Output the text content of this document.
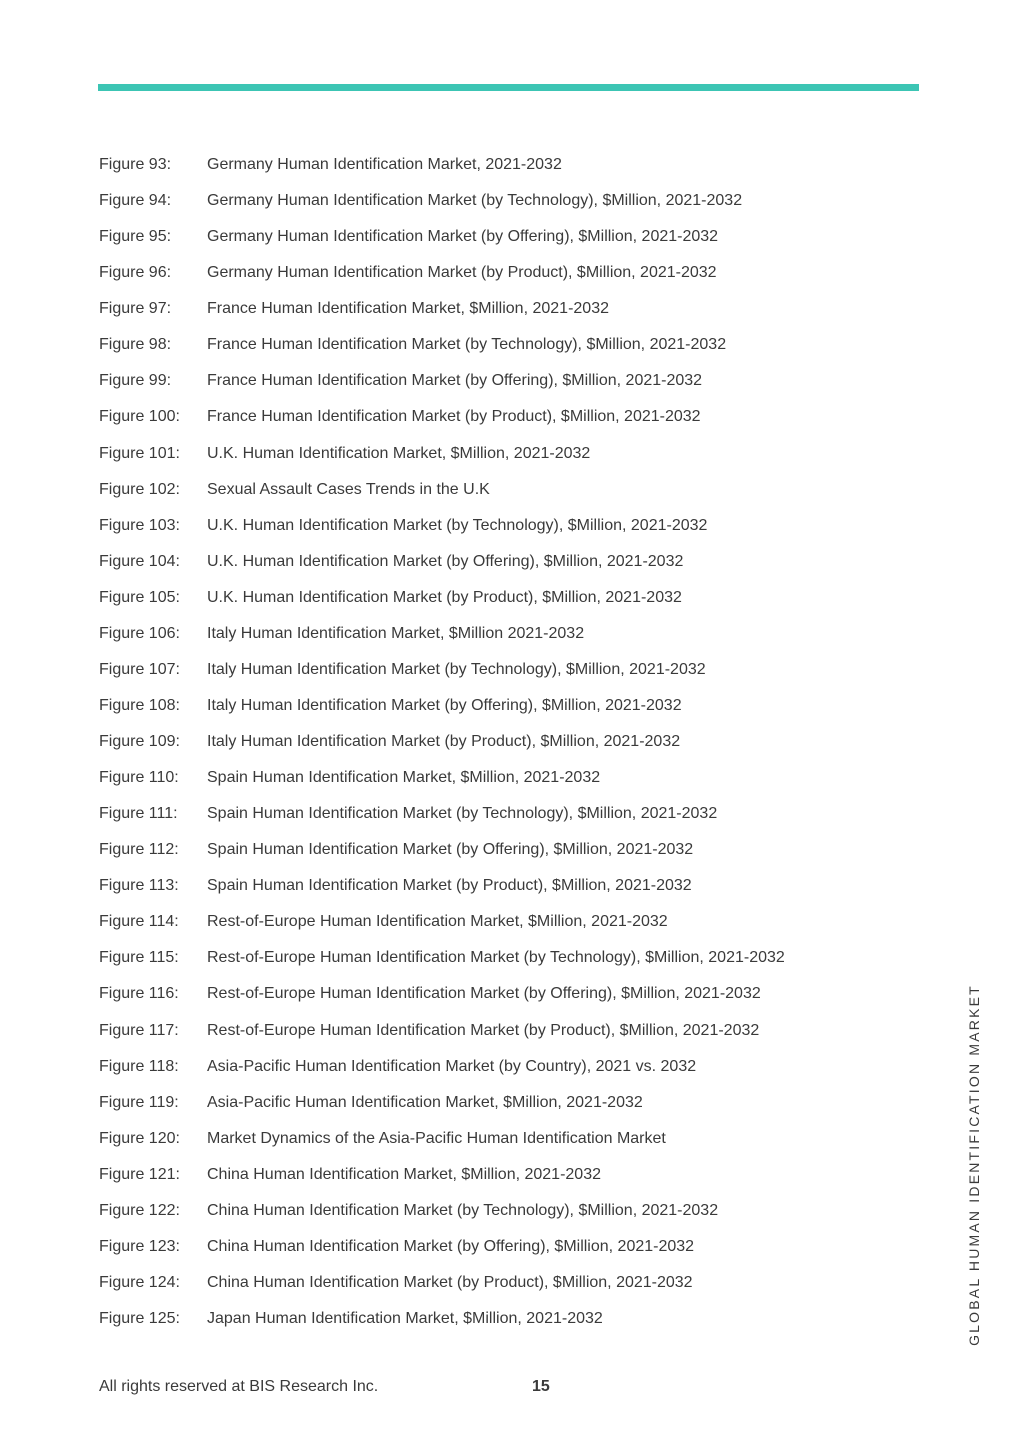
Figure 93:	Germany Human Identification Market, 2021-2032
Figure 94:	Germany Human Identification Market (by Technology), $Million, 2021-2032
Figure 95:	Germany Human Identification Market (by Offering), $Million, 2021-2032
Figure 96:	Germany Human Identification Market (by Product), $Million, 2021-2032
Figure 97:	France Human Identification Market, $Million, 2021-2032
Figure 98:	France Human Identification Market (by Technology), $Million, 2021-2032
Figure 99:	France Human Identification Market (by Offering), $Million, 2021-2032
Figure 100:	France Human Identification Market (by Product), $Million, 2021-2032
Figure 101:	U.K. Human Identification Market, $Million, 2021-2032
Figure 102:	Sexual Assault Cases Trends in the U.K
Figure 103:	U.K. Human Identification Market (by Technology), $Million, 2021-2032
Figure 104:	U.K. Human Identification Market (by Offering), $Million, 2021-2032
Figure 105:	U.K. Human Identification Market (by Product), $Million, 2021-2032
Figure 106:	Italy Human Identification Market, $Million 2021-2032
Figure 107:	Italy Human Identification Market (by Technology), $Million, 2021-2032
Figure 108:	Italy Human Identification Market (by Offering), $Million, 2021-2032
Figure 109:	Italy Human Identification Market (by Product), $Million, 2021-2032
Figure 110:	Spain Human Identification Market, $Million, 2021-2032
Figure 111:	Spain Human Identification Market (by Technology), $Million, 2021-2032
Figure 112:	Spain Human Identification Market (by Offering), $Million, 2021-2032
Figure 113:	Spain Human Identification Market (by Product), $Million, 2021-2032
Figure 114:	Rest-of-Europe Human Identification Market, $Million, 2021-2032
Figure 115:	Rest-of-Europe Human Identification Market (by Technology), $Million, 2021-2032
Figure 116:	Rest-of-Europe Human Identification Market (by Offering), $Million, 2021-2032
Figure 117:	Rest-of-Europe Human Identification Market (by Product), $Million, 2021-2032
Figure 118:	Asia-Pacific Human Identification Market (by Country), 2021 vs. 2032
Figure 119:	Asia-Pacific Human Identification Market, $Million, 2021-2032
Figure 120:	Market Dynamics of the Asia-Pacific Human Identification Market
Figure 121:	China Human Identification Market, $Million, 2021-2032
Figure 122:	China Human Identification Market (by Technology), $Million, 2021-2032
Figure 123:	China Human Identification Market (by Offering), $Million, 2021-2032
Figure 124:	China Human Identification Market (by Product), $Million, 2021-2032
Figure 125:	Japan Human Identification Market, $Million, 2021-2032	GLOBAL HUMAN IDENTIFICATION MARKET
All rights reserved at BIS Research Inc.	15
